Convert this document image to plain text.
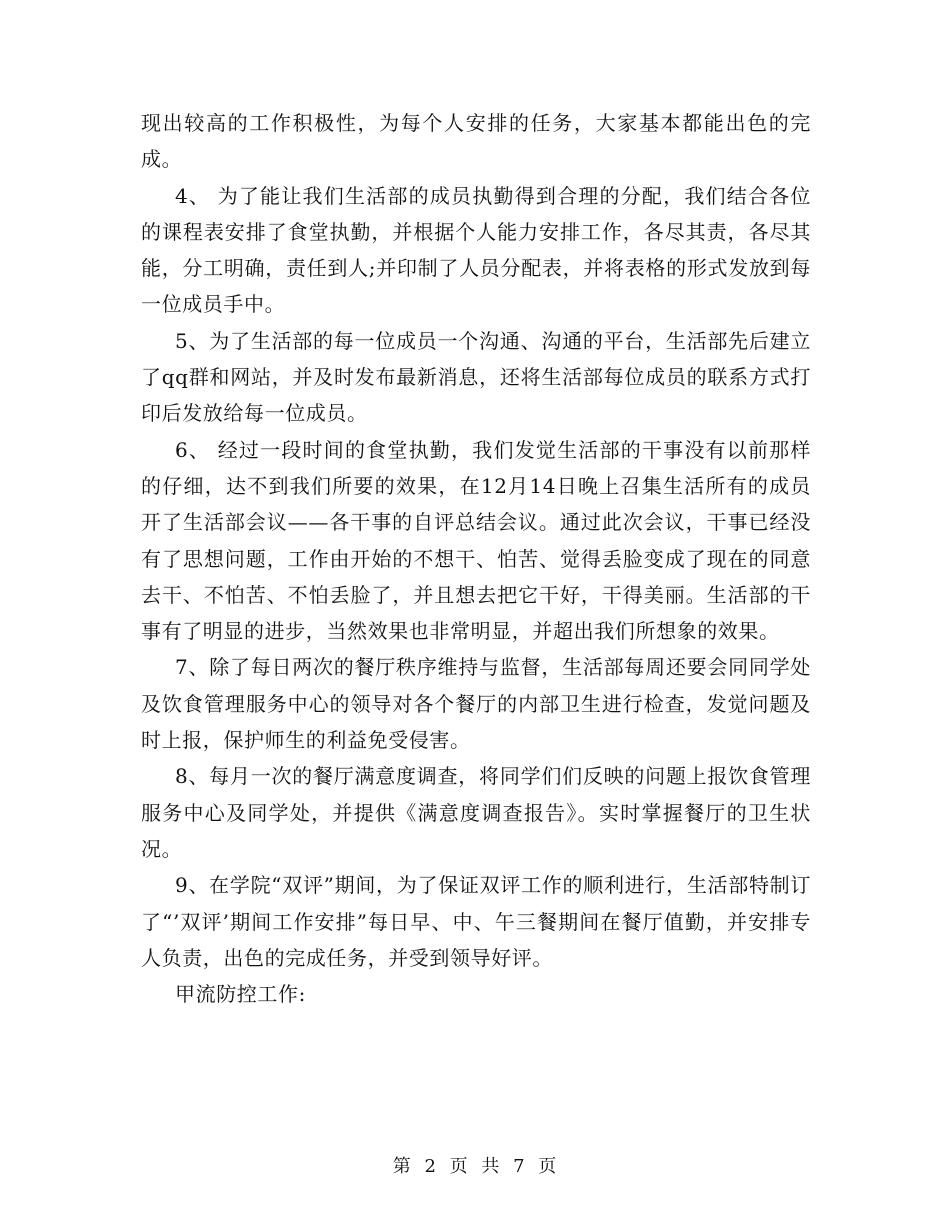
现出较高的工作积极性，为每个人安排的任务，大家基本都能出色的完成。

4、 为了能让我们生活部的成员执勤得到合理的分配，我们结合各位的课程表安排了食堂执勤，并根据个人能力安排工作，各尽其责，各尽其能，分工明确，责任到人;并印制了人员分配表，并将表格的形式发放到每一位成员手中。

5、为了生活部的每一位成员一个沟通、沟通的平台，生活部先后建立了qq群和网站，并及时发布最新消息，还将生活部每位成员的联系方式打印后发放给每一位成员。

6、 经过一段时间的食堂执勤，我们发觉生活部的干事没有以前那样的仔细，达不到我们所要的效果，在12月14日晚上召集生活所有的成员开了生活部会议——各干事的自评总结会议。通过此次会议，干事已经没有了思想问题，工作由开始的不想干、怕苦、觉得丢脸变成了现在的同意去干、不怕苦、不怕丢脸了，并且想去把它干好，干得美丽。生活部的干事有了明显的进步，当然效果也非常明显，并超出我们所想象的效果。

7、除了每日两次的餐厅秩序维持与监督，生活部每周还要会同同学处及饮食管理服务中心的领导对各个餐厅的内部卫生进行检查，发觉问题及时上报，保护师生的利益免受侵害。

8、每月一次的餐厅满意度调查，将同学们们反映的问题上报饮食管理服务中心及同学处，并提供《满意度调查报告》。实时掌握餐厅的卫生状况。

9、在学院“双评”期间，为了保证双评工作的顺利进行，生活部特制订了“’双评’期间工作安排”每日早、中、午三餐期间在餐厅值勤，并安排专人负责，出色的完成任务，并受到领导好评。

甲流防控工作:

第 2 页 共 7 页
